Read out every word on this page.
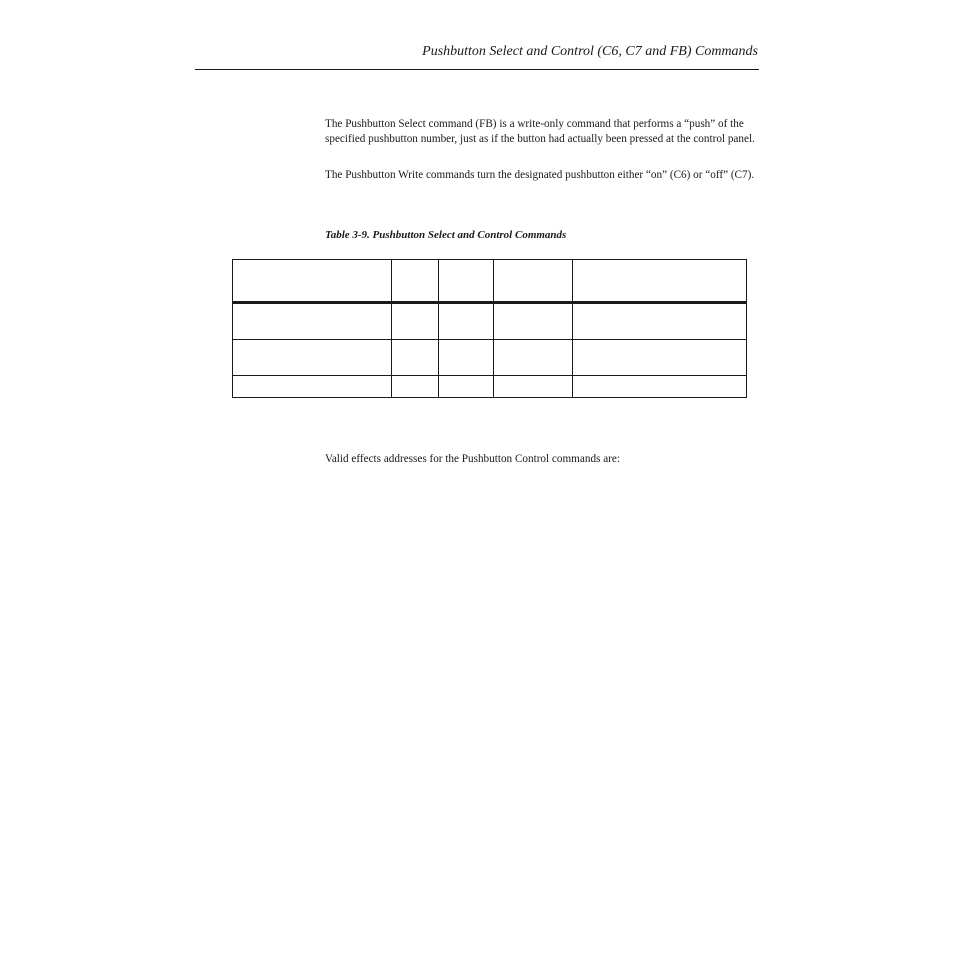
Pushbutton Select and Control (C6, C7 and FB) Commands

The Pushbutton Select command (FB) is a write-only command that performs a “push” of the specified pushbutton number, just as if the button had actually been pressed at the control panel.

The Pushbutton Write commands turn the designated pushbutton either “on” (C6) or “off” (C7).

Table 3-9. Pushbutton Select and Control Commands

Valid effects addresses for the Pushbutton Control commands are:
